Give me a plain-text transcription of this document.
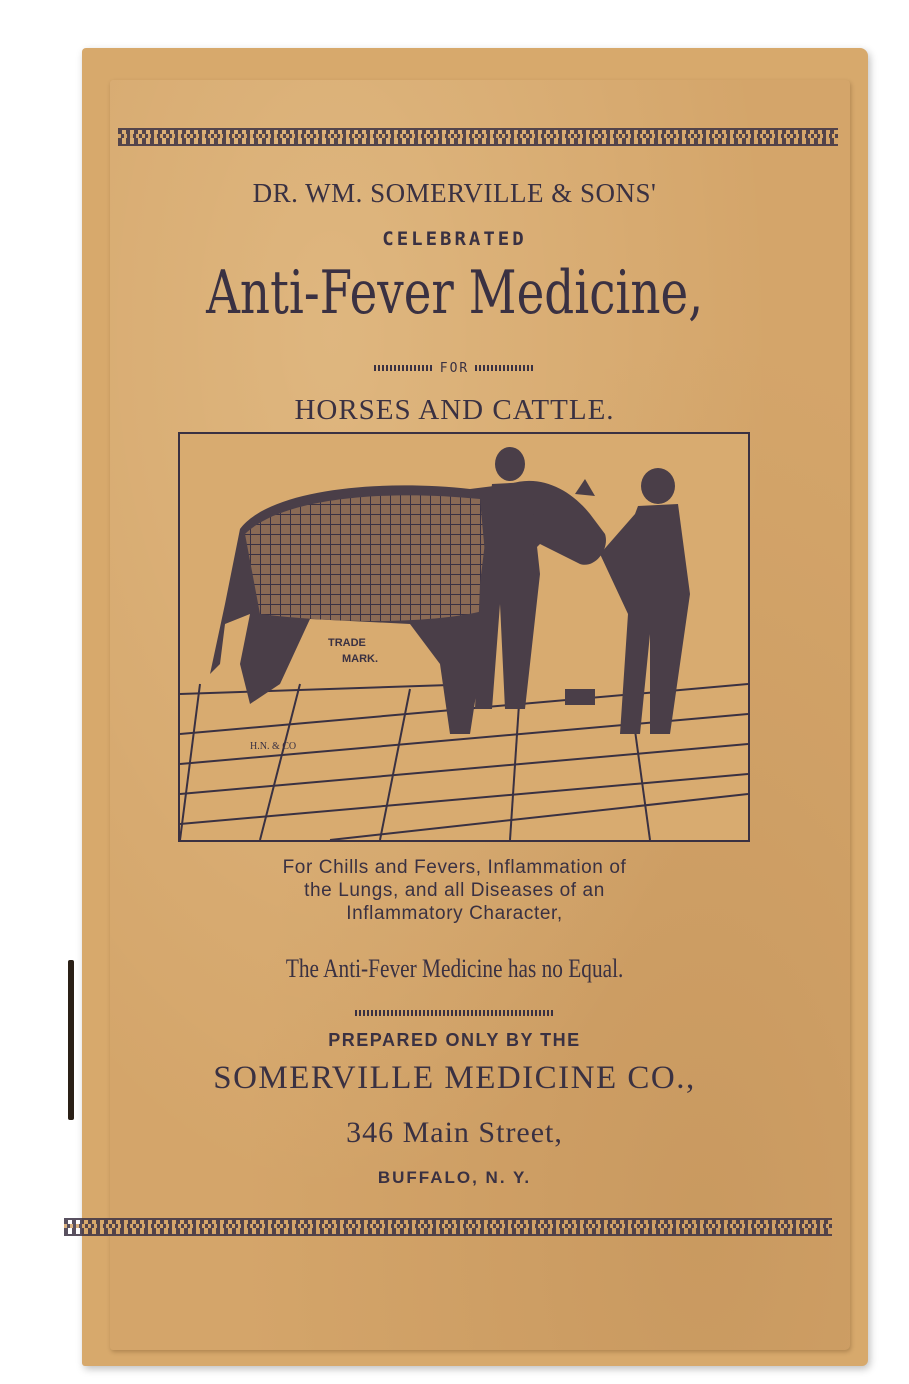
DR. WM. SOMERVILLE & SONS'

CELEBRATED

Anti-Fever Medicine,

FOR

HORSES AND CATTLE.

TRADE
MARK.
H.N. & CO
For Chills and Fevers, Inflammation of
the Lungs, and all Diseases of an
Inflammatory Character,

The Anti-Fever Medicine has no Equal.

PREPARED ONLY BY THE

SOMERVILLE MEDICINE CO.,

346 Main Street,

BUFFALO, N. Y.
